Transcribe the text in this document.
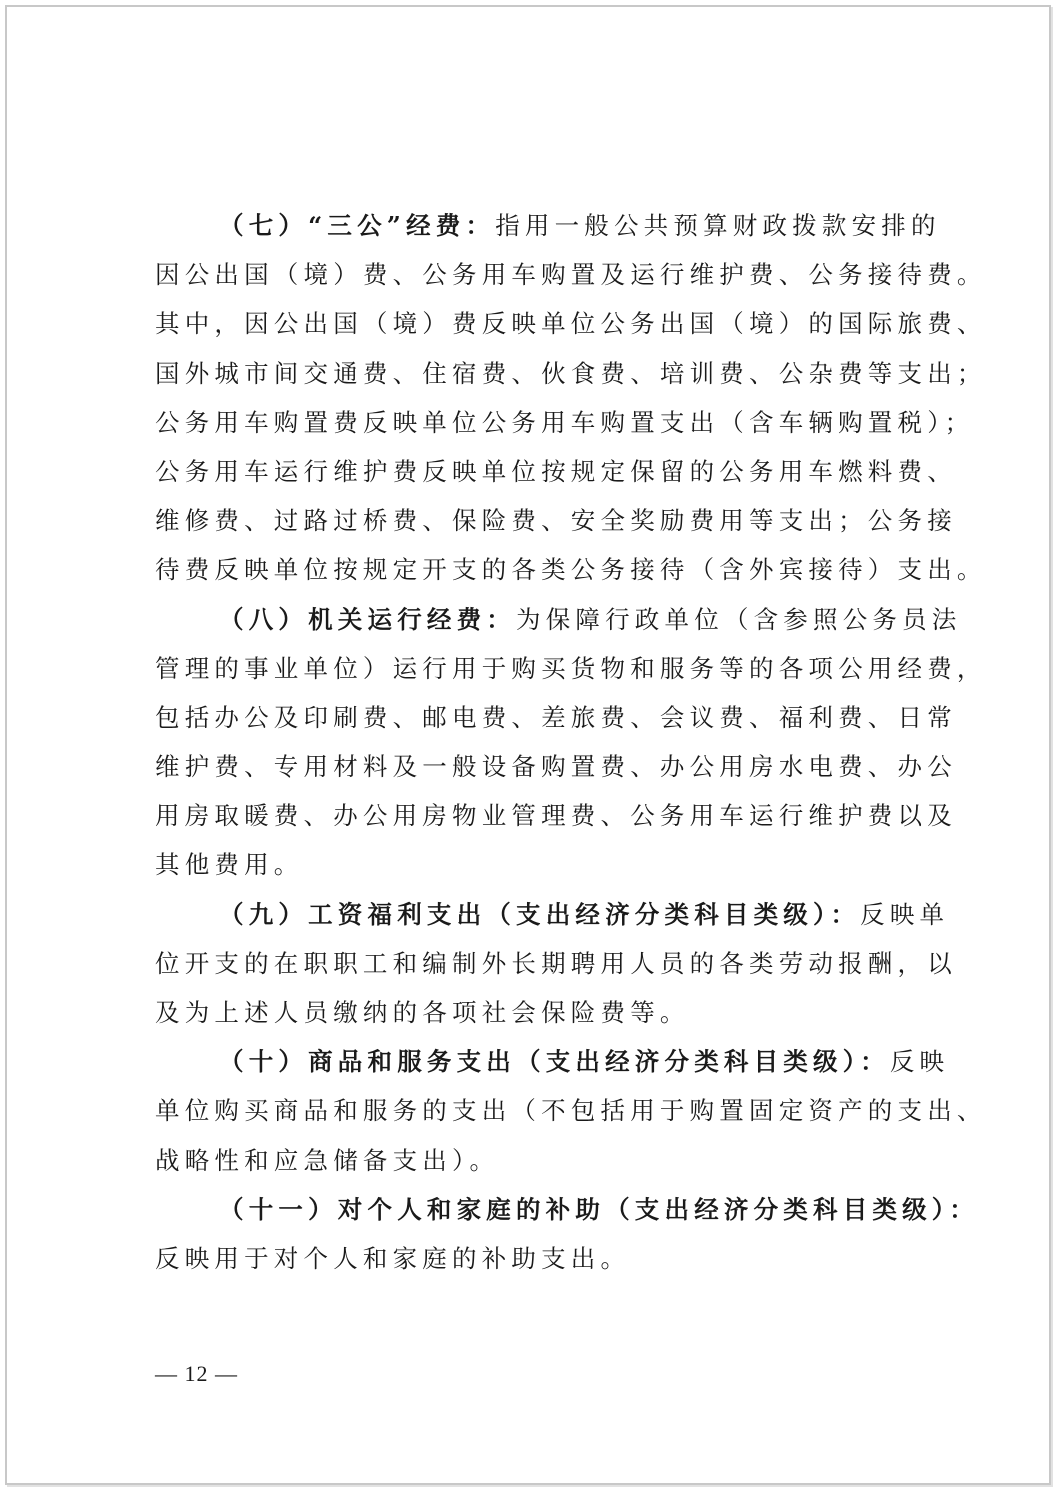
（七）“三公”经费：指用一般公共预算财政拨款安排的
因公出国（境）费、公务用车购置及运行维护费、公务接待费。
其中，因公出国（境）费反映单位公务出国（境）的国际旅费、
国外城市间交通费、住宿费、伙食费、培训费、公杂费等支出；
公务用车购置费反映单位公务用车购置支出（含车辆购置税）；
公务用车运行维护费反映单位按规定保留的公务用车燃料费、
维修费、过路过桥费、保险费、安全奖励费用等支出；公务接
待费反映单位按规定开支的各类公务接待（含外宾接待）支出。
（八）机关运行经费：为保障行政单位（含参照公务员法
管理的事业单位）运行用于购买货物和服务等的各项公用经费，
包括办公及印刷费、邮电费、差旅费、会议费、福利费、日常
维护费、专用材料及一般设备购置费、办公用房水电费、办公
用房取暖费、办公用房物业管理费、公务用车运行维护费以及
其他费用。
（九）工资福利支出（支出经济分类科目类级）：反映单
位开支的在职职工和编制外长期聘用人员的各类劳动报酬，以
及为上述人员缴纳的各项社会保险费等。
（十）商品和服务支出（支出经济分类科目类级）：反映
单位购买商品和服务的支出（不包括用于购置固定资产的支出、
战略性和应急储备支出）。
（十一）对个人和家庭的补助（支出经济分类科目类级）：
反映用于对个人和家庭的补助支出。
— 12 —
